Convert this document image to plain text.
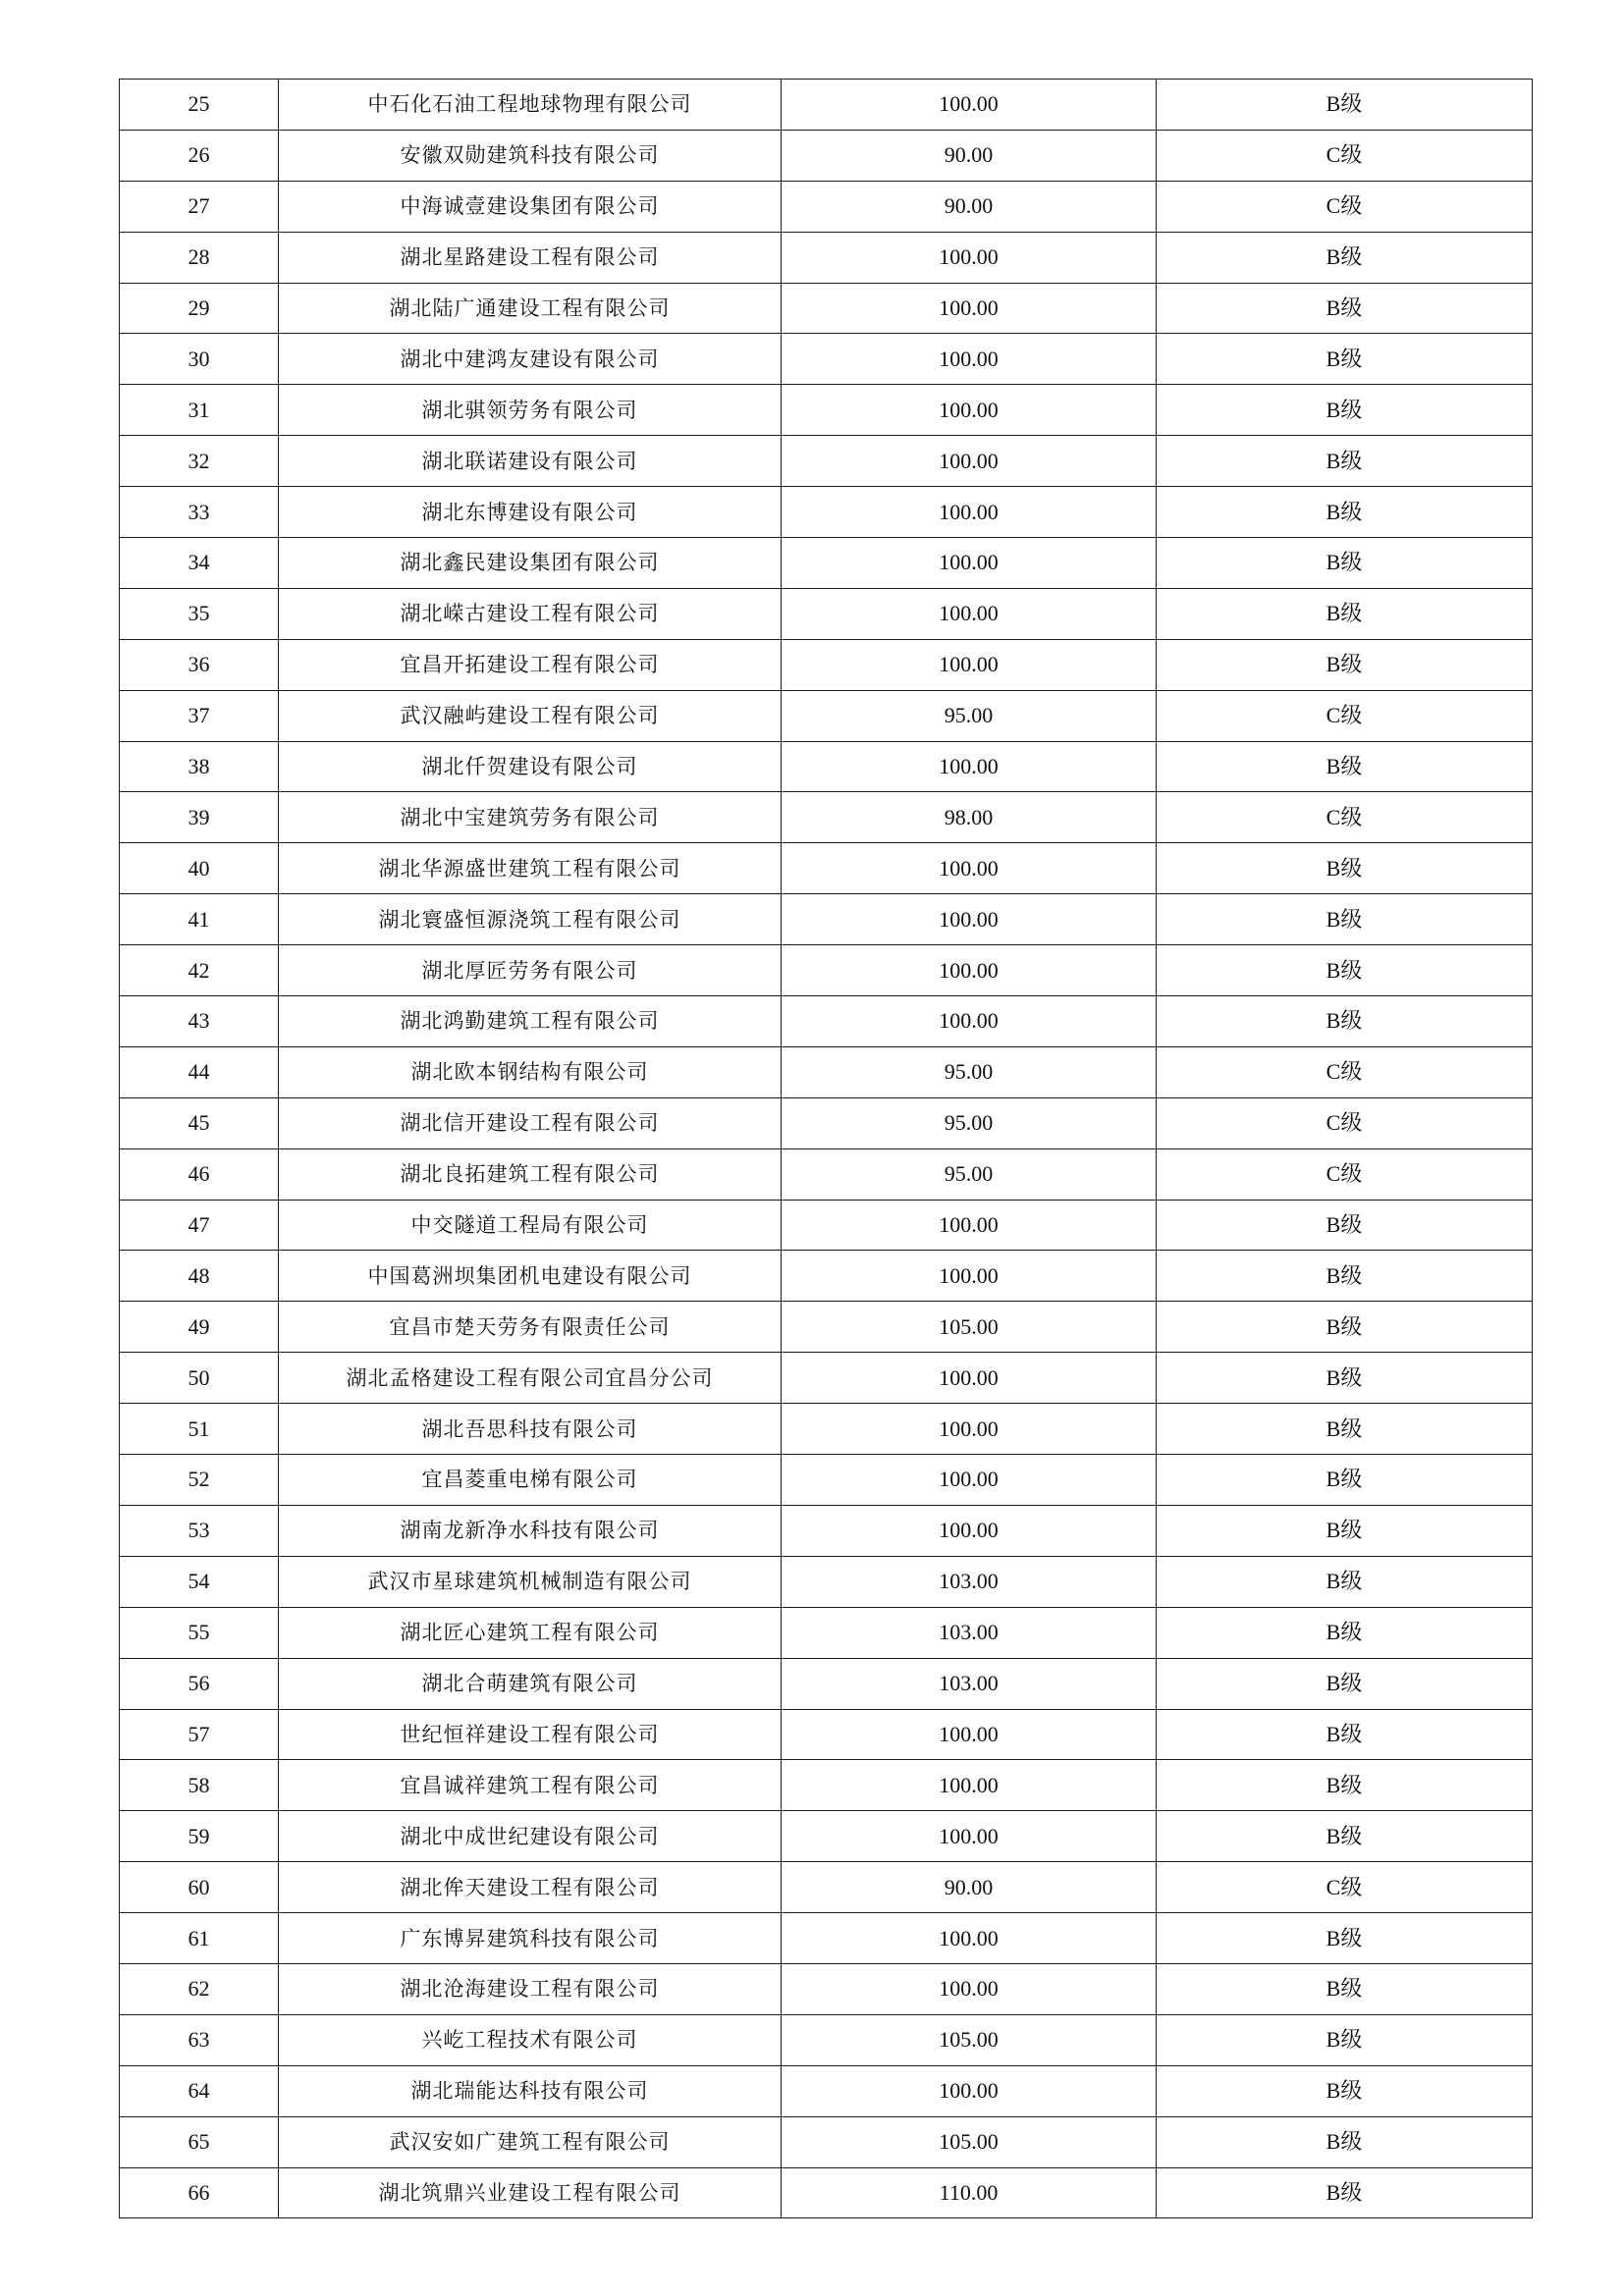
25	中石化石油工程地球物理有限公司	100.00	B级
26	安徽双勋建筑科技有限公司	90.00	C级
27	中海诚壹建设集团有限公司	90.00	C级
28	湖北星路建设工程有限公司	100.00	B级
29	湖北陆广通建设工程有限公司	100.00	B级
30	湖北中建鸿友建设有限公司	100.00	B级
31	湖北骐领劳务有限公司	100.00	B级
32	湖北联诺建设有限公司	100.00	B级
33	湖北东博建设有限公司	100.00	B级
34	湖北鑫民建设集团有限公司	100.00	B级
35	湖北嵘古建设工程有限公司	100.00	B级
36	宜昌开拓建设工程有限公司	100.00	B级
37	武汉融屿建设工程有限公司	95.00	C级
38	湖北仟贺建设有限公司	100.00	B级
39	湖北中宝建筑劳务有限公司	98.00	C级
40	湖北华源盛世建筑工程有限公司	100.00	B级
41	湖北寰盛恒源浇筑工程有限公司	100.00	B级
42	湖北厚匠劳务有限公司	100.00	B级
43	湖北鸿勤建筑工程有限公司	100.00	B级
44	湖北欧本钢结构有限公司	95.00	C级
45	湖北信开建设工程有限公司	95.00	C级
46	湖北良拓建筑工程有限公司	95.00	C级
47	中交隧道工程局有限公司	100.00	B级
48	中国葛洲坝集团机电建设有限公司	100.00	B级
49	宜昌市楚天劳务有限责任公司	105.00	B级
50	湖北孟格建设工程有限公司宜昌分公司	100.00	B级
51	湖北吾思科技有限公司	100.00	B级
52	宜昌菱重电梯有限公司	100.00	B级
53	湖南龙新净水科技有限公司	100.00	B级
54	武汉市星球建筑机械制造有限公司	103.00	B级
55	湖北匠心建筑工程有限公司	103.00	B级
56	湖北合萌建筑有限公司	103.00	B级
57	世纪恒祥建设工程有限公司	100.00	B级
58	宜昌诚祥建筑工程有限公司	100.00	B级
59	湖北中成世纪建设有限公司	100.00	B级
60	湖北侔天建设工程有限公司	90.00	C级
61	广东博昇建筑科技有限公司	100.00	B级
62	湖北沧海建设工程有限公司	100.00	B级
63	兴屹工程技术有限公司	105.00	B级
64	湖北瑞能达科技有限公司	100.00	B级
65	武汉安如广建筑工程有限公司	105.00	B级
66	湖北筑鼎兴业建设工程有限公司	110.00	B级
